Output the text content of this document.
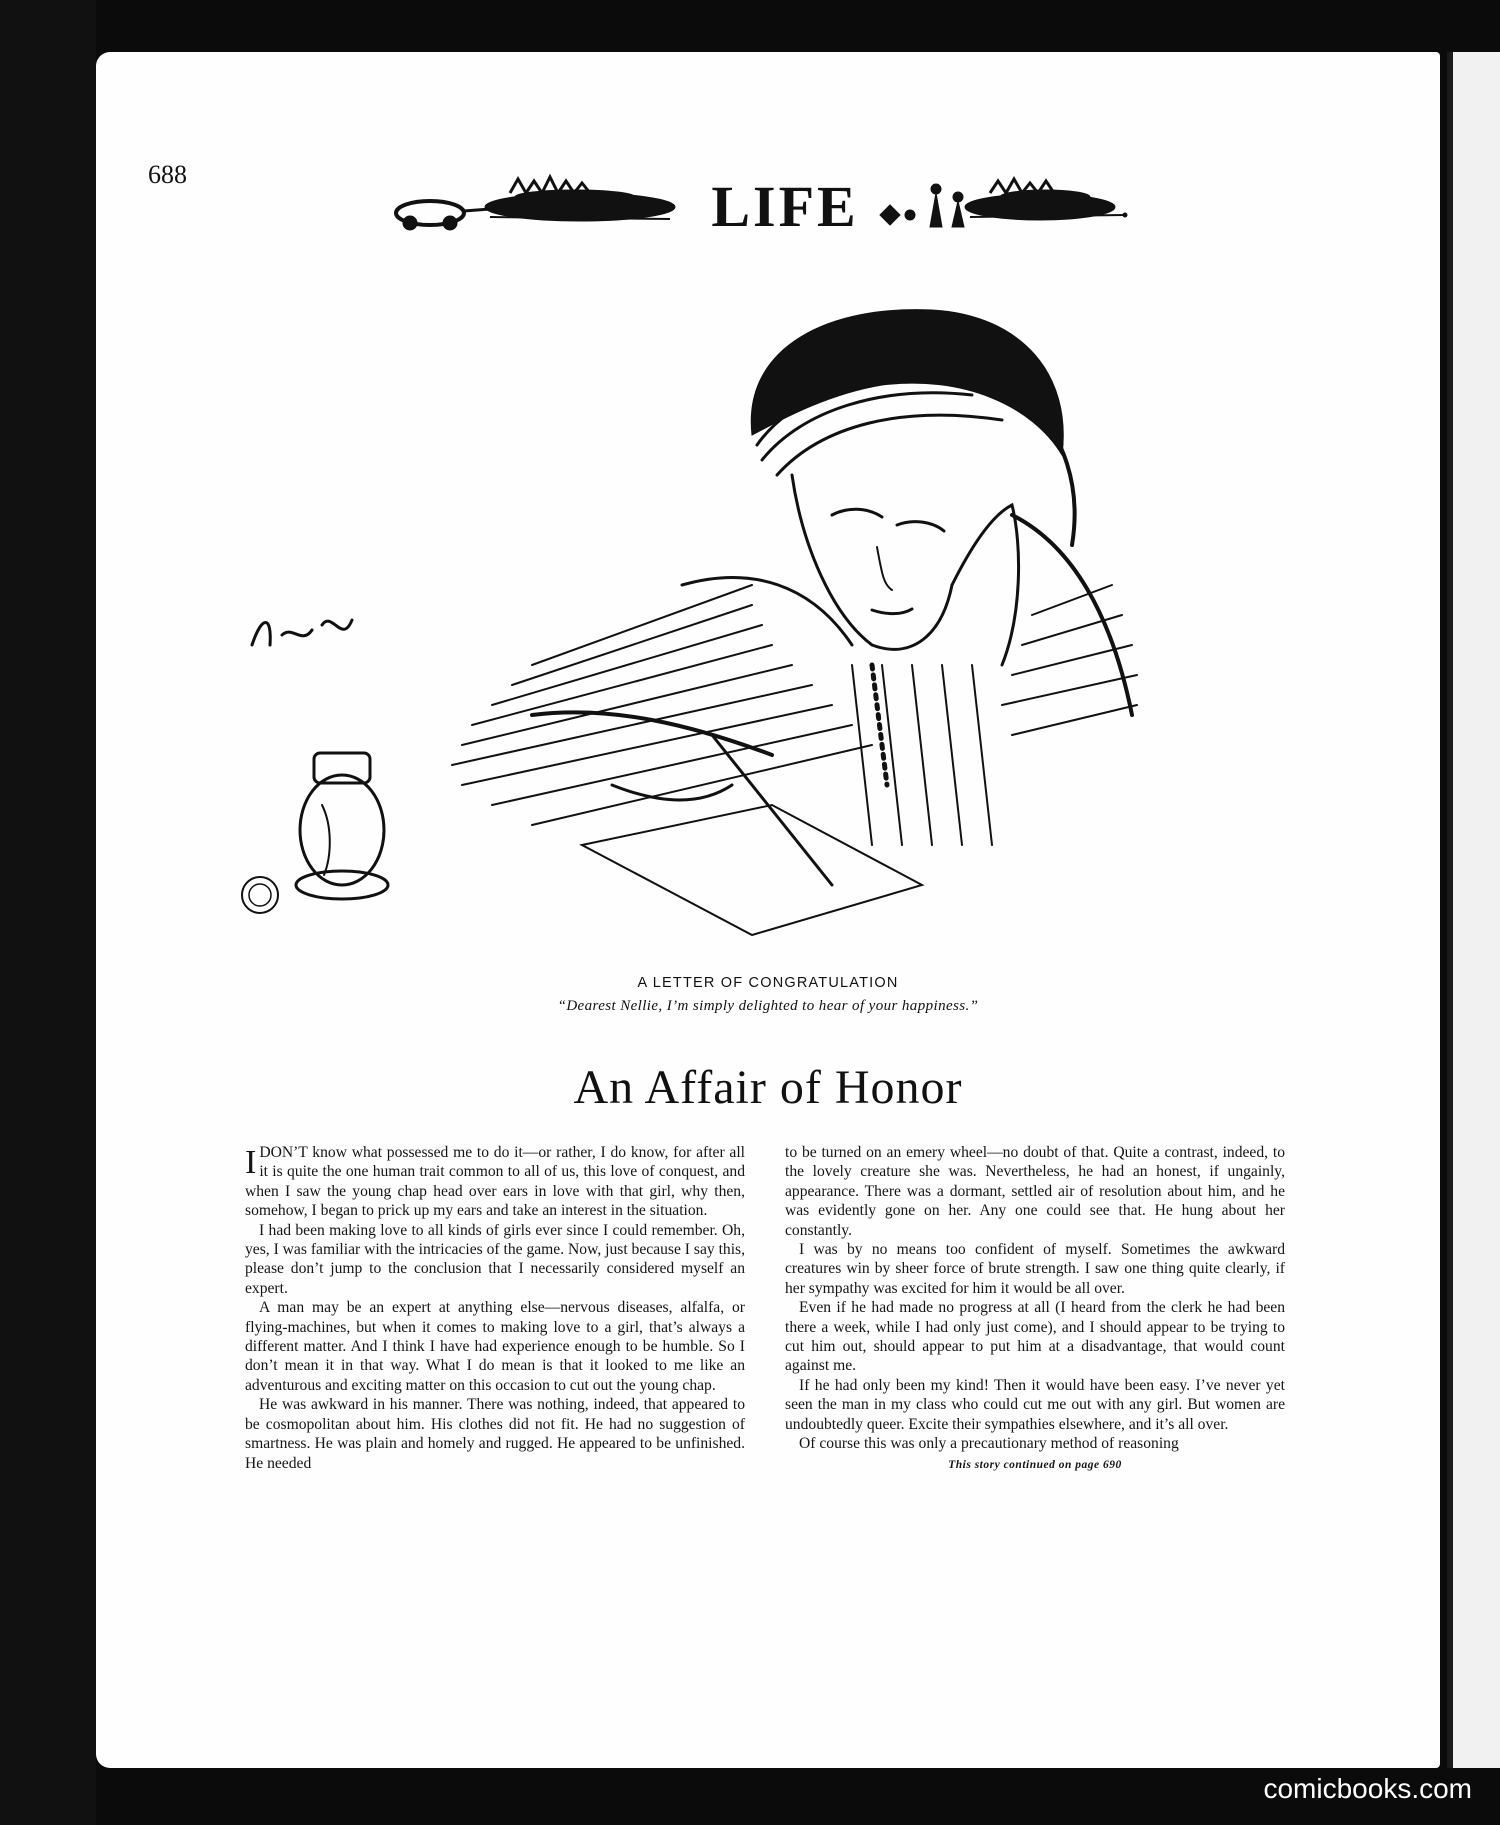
688	LIFE
A LETTER OF CONGRATULATION
“Dearest Nellie, I’m simply delighted to hear of your happiness.”
An Affair of Honor

IDON’T know what possessed me to do it—or rather, I do know, for after all it is quite the one human trait common to all of us, this love of conquest, and when I saw the young chap head over ears in love with that girl, why then, somehow, I began to prick up my ears and take an interest in the situation.

I had been making love to all kinds of girls ever since I could remember. Oh, yes, I was familiar with the intricacies of the game. Now, just because I say this, please don’t jump to the conclusion that I necessarily considered myself an expert.

A man may be an expert at anything else—nervous diseases, alfalfa, or flying-machines, but when it comes to making love to a girl, that’s always a different matter. And I think I have had experience enough to be humble. So I don’t mean it in that way. What I do mean is that it looked to me like an adventurous and exciting matter on this occasion to cut out the young chap.

He was awkward in his manner. There was nothing, indeed, that appeared to be cosmopolitan about him. His clothes did not fit. He had no suggestion of smartness. He was plain and homely and rugged. He appeared to be unfinished. He needed

to be turned on an emery wheel—no doubt of that. Quite a contrast, indeed, to the lovely creature she was. Nevertheless, he had an honest, if ungainly, appearance. There was a dormant, settled air of resolution about him, and he was evidently gone on her. Any one could see that. He hung about her constantly.

I was by no means too confident of myself. Sometimes the awkward creatures win by sheer force of brute strength. I saw one thing quite clearly, if her sympathy was excited for him it would be all over.

Even if he had made no progress at all (I heard from the clerk he had been there a week, while I had only just come), and I should appear to be trying to cut him out, should appear to put him at a disadvantage, that would count against me.

If he had only been my kind! Then it would have been easy. I’ve never yet seen the man in my class who could cut me out with any girl. But women are undoubtedly queer. Excite their sympathies elsewhere, and it’s all over.

Of course this was only a precautionary method of reasoning

This story continued on page 690
comicbooks.com
